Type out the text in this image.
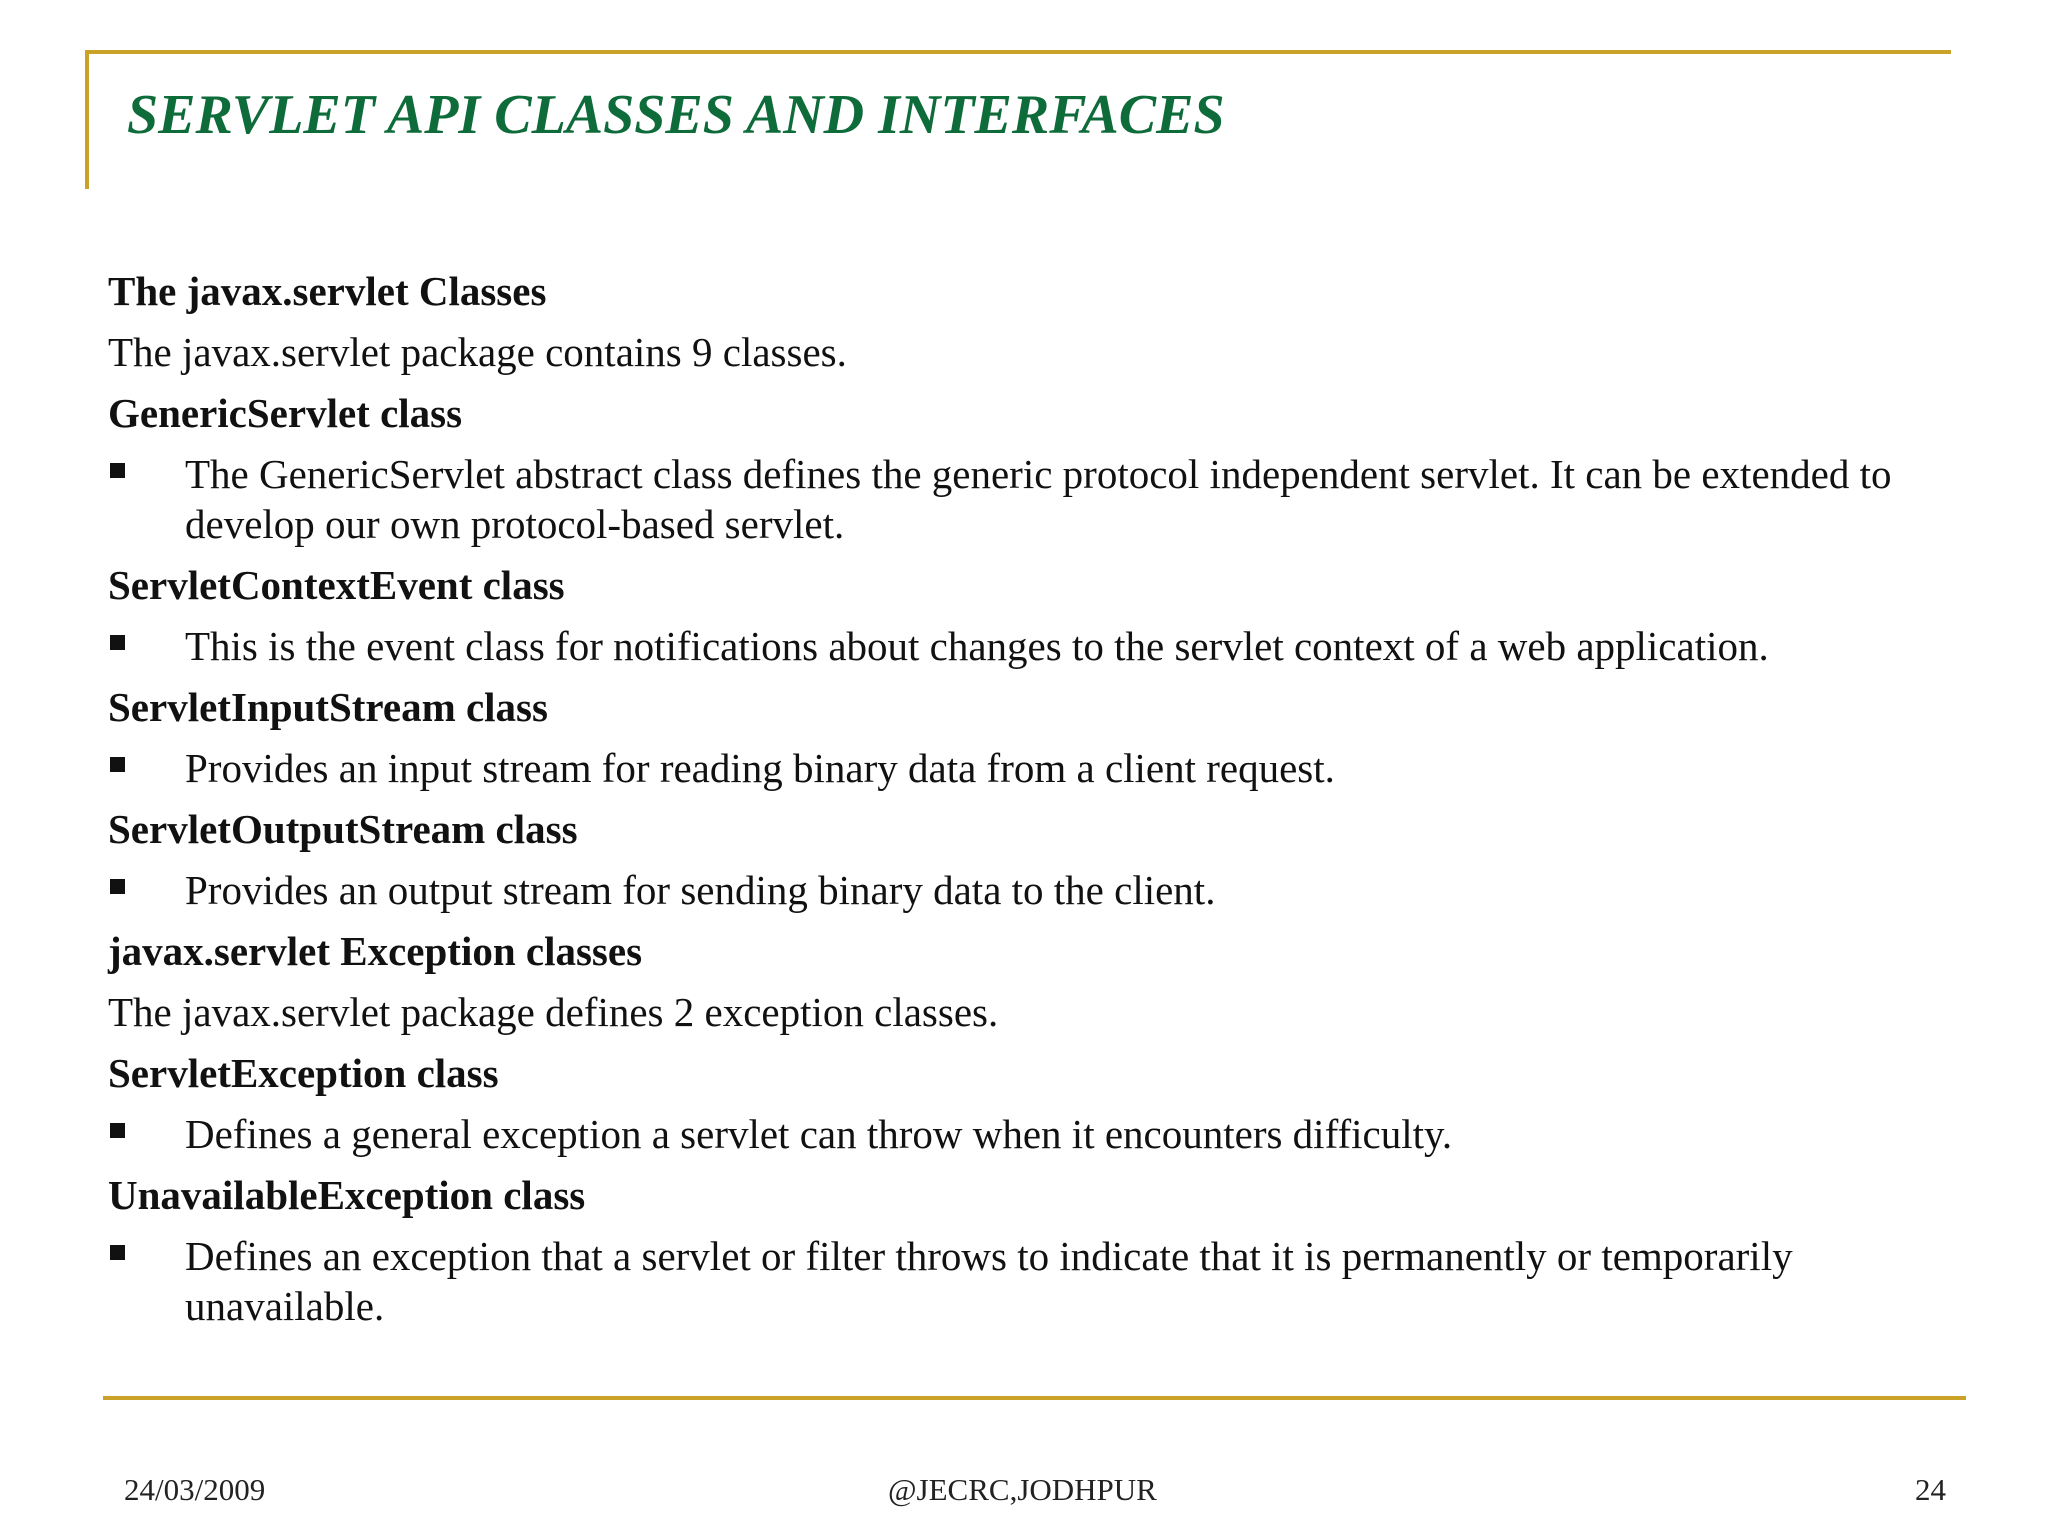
SERVLET API CLASSES AND INTERFACES
The javax.servlet Classes
The javax.servlet package contains 9 classes.
GenericServlet class
The GenericServlet abstract class defines the generic protocol independent servlet. It can be extended to develop our own protocol-based servlet.
ServletContextEvent class
This is the event class for notifications about changes to the servlet context of a web application.
ServletInputStream class
Provides an input stream for reading binary data from a client request.
ServletOutputStream class
Provides an output stream for sending binary data to the client.
javax.servlet Exception classes
The javax.servlet package defines 2 exception classes.
ServletException class
Defines a general exception a servlet can throw when it encounters difficulty.
UnavailableException class
Defines an exception that a servlet or filter throws to indicate that it is permanently or temporarily unavailable.
24/03/2009	@JECRC,JODHPUR	24
